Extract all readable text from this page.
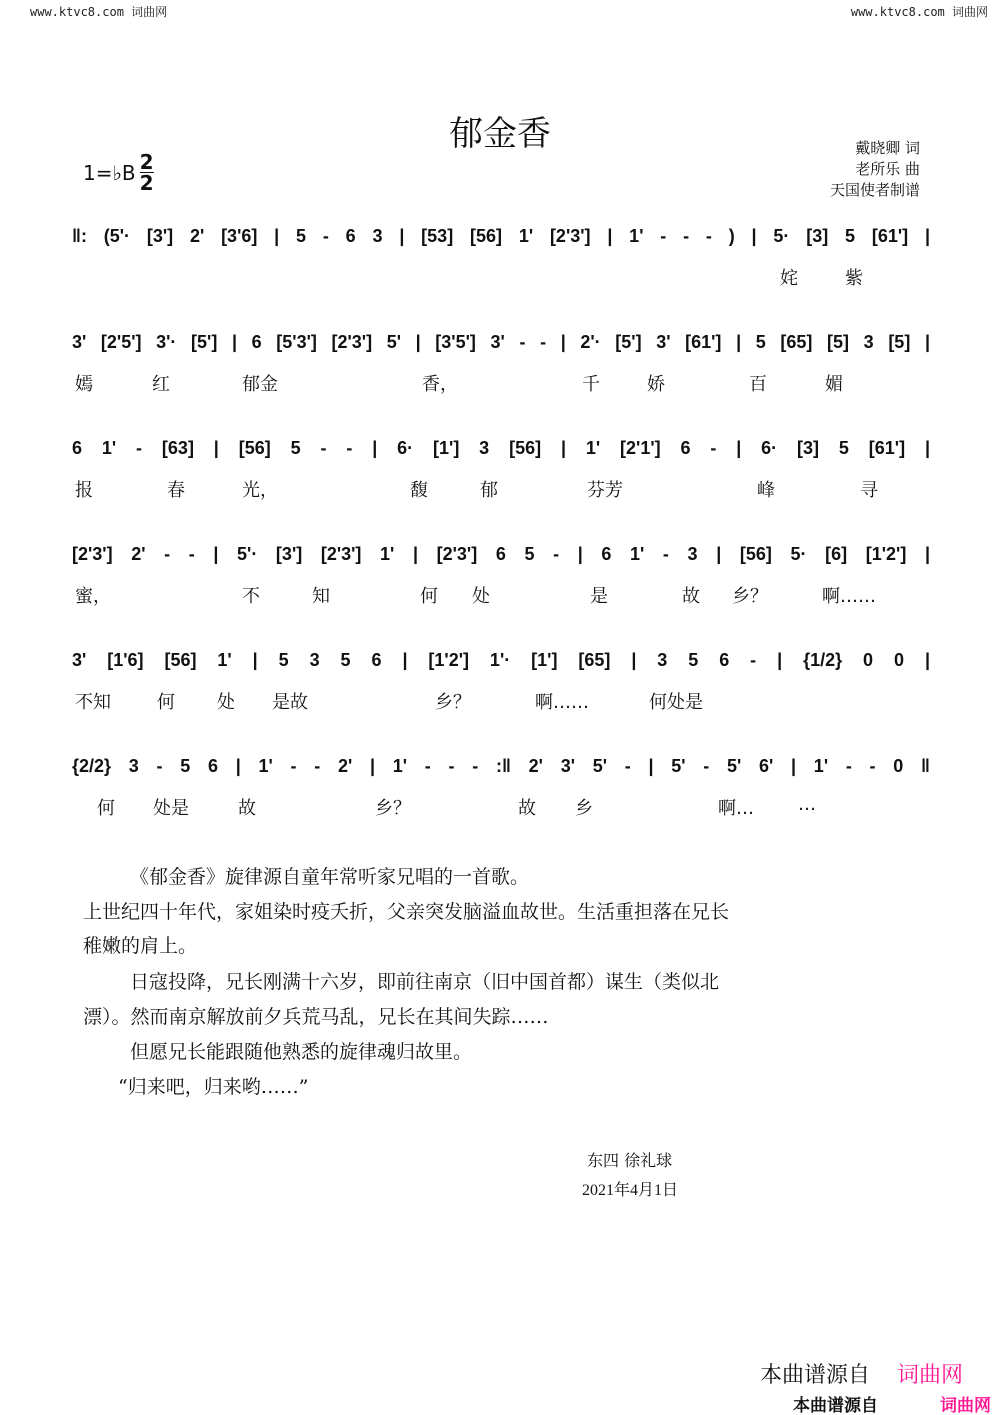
www.ktvc8.com 词曲网	www.ktvc8.com 词曲网
郁金香	戴晓卿 词
老所乐 曲
天国使者制谱
1=♭B $\frac{2}{2}$
‖: (5'· [3'] 2' [3'6] | 5 - 6 3 | [53] [56] 1' [2'3'] | 1' - - - ) | 5· [3] 5 [61'] |
3' [2'5'] 3'· [5'] | 6 [5'3'] [2'3'] 5' | [3'5'] 3' - - | 2'· [5'] 3' [61'] | 5 [65] [5] 3 [5] |
6 1' - [63] | [56] 5 - - | 6· [1'] 3 [56] | 1' [2'1'] 6 - | 6· [3] 5 [61'] |
[2'3'] 2' - - | 5'· [3'] [2'3'] 1' | [2'3'] 6 5 - | 6 1' - 3 | [56] 5· [6] [1'2'] |
3' [1'6] [56] 1' | 5 3 5 6 | [1'2'] 1'· [1'] [65] | 3 5 6 - | {1/2} 0 0 |
{2/2} 3 - 5 6 | 1' - - 2' | 1' - - - :‖ 2' 3' 5' - | 5' - 5' 6' | 1' - - 0 ‖
姹	紫
嫣	红	郁金	香，	千	娇	百	媚
报	春	光，	馥	郁	芬芳	峰	寻
蜜，	不	知	何 处	是	故 乡？	啊……
不知	何 处 是故	乡？	啊……	何处是
何 处是	故	乡？	故 乡	啊… …
《郁金香》旋律源自童年常听家兄唱的一首歌。
上世纪四十年代，家姐染时疫夭折，父亲突发脑溢血故世。生活重担落在兄长
稚嫩的肩上。
日寇投降，兄长刚满十六岁，即前往南京（旧中国首都）谋生（类似北
漂）。然而南京解放前夕兵荒马乱，兄长在其间失踪……
但愿兄长能跟随他熟悉的旋律魂归故里。
“归来吧，归来哟……”
东四 徐礼球
2021年4月1日
本曲谱源自
本曲谱源自
词曲网
词曲网
